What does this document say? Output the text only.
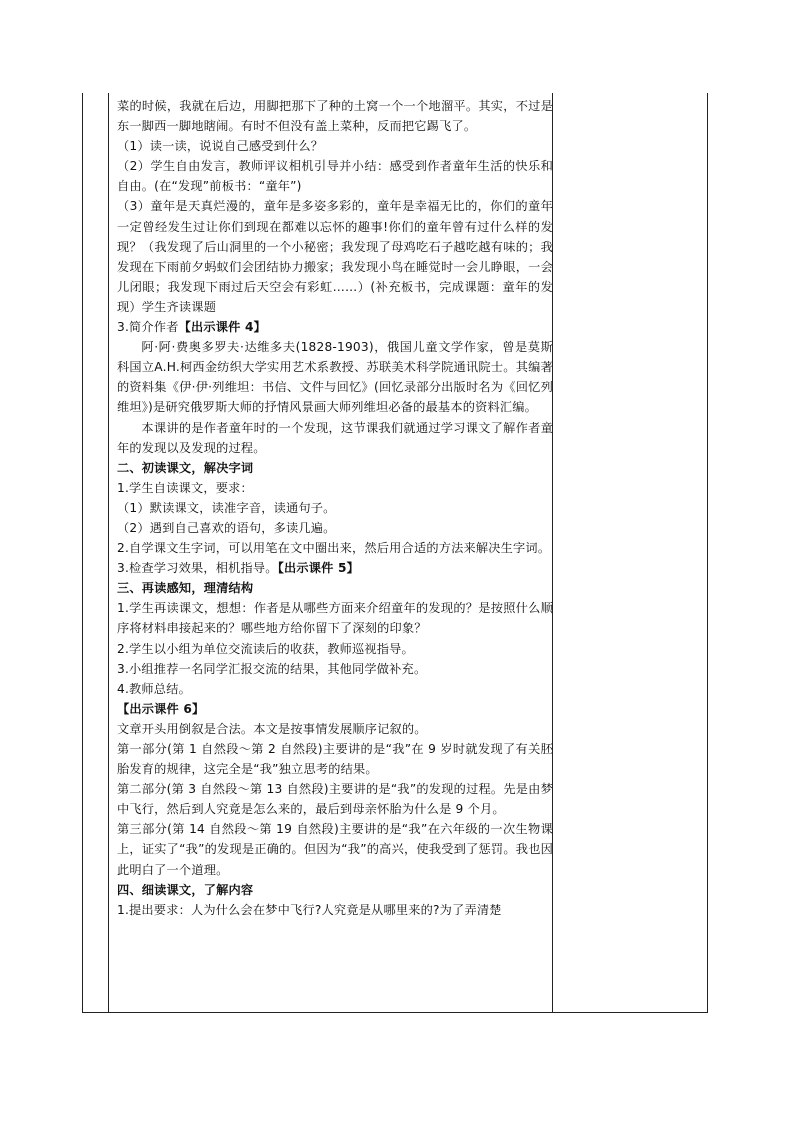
菜的时候，我就在后边，用脚把那下了种的土窝一个一个地溜平。其实，不过是东一脚西一脚地瞎闹。有时不但没有盖上菜种，反而把它踢飞了。

（1）读一读，说说自己感受到什么？

（2）学生自由发言，教师评议相机引导并小结：感受到作者童年生活的快乐和自由。(在“发现”前板书：“童年”)

（3）童年是天真烂漫的，童年是多姿多彩的，童年是幸福无比的，你们的童年一定曾经发生过让你们到现在都难以忘怀的趣事!你们的童年曾有过什么样的发现？（我发现了后山洞里的一个小秘密；我发现了母鸡吃石子越吃越有味的；我发现在下雨前夕蚂蚁们会团结协力搬家；我发现小鸟在睡觉时一会儿睁眼，一会儿闭眼；我发现下雨过后天空会有彩虹……）(补充板书，完成课题：童年的发现）学生齐读课题

3.简介作者【出示课件 4】

阿·阿·费奥多罗夫·达维多夫(1828-1903)，俄国儿童文学作家，曾是莫斯科国立A.H.柯西金纺织大学实用艺术系教授、苏联美术科学院通讯院士。其编著的资料集《伊·伊·列维坦：书信、文件与回忆》(回忆录部分出版时名为《回忆列维坦》)是研究俄罗斯大师的抒情风景画大师列维坦必备的最基本的资料汇编。

本课讲的是作者童年时的一个发现，这节课我们就通过学习课文了解作者童年的发现以及发现的过程。

二、初读课文，解决字词

1.学生自读课文，要求：

（1）默读课文，读准字音，读通句子。

（2）遇到自己喜欢的语句，多读几遍。

2.自学课文生字词，可以用笔在文中圈出来，然后用合适的方法来解决生字词。

3.检查学习效果，相机指导。【出示课件 5】

三、再读感知，理清结构

1.学生再读课文，想想：作者是从哪些方面来介绍童年的发现的？是按照什么顺序将材料串接起来的？哪些地方给你留下了深刻的印象？

2.学生以小组为单位交流读后的收获，教师巡视指导。

3.小组推荐一名同学汇报交流的结果，其他同学做补充。

4.教师总结。

【出示课件 6】

文章开头用倒叙是合法。本文是按事情发展顺序记叙的。

第一部分(第 1 自然段～第 2 自然段)主要讲的是“我”在 9 岁时就发现了有关胚胎发育的规律，这完全是“我”独立思考的结果。

第二部分(第 3 自然段～第 13 自然段)主要讲的是“我”的发现的过程。先是由梦中飞行，然后到人究竟是怎么来的，最后到母亲怀胎为什么是 9 个月。

第三部分(第 14 自然段～第 19 自然段)主要讲的是“我”在六年级的一次生物课上，证实了“我”的发现是正确的。但因为“我”的高兴，使我受到了惩罚。我也因此明白了一个道理。

四、细读课文，了解内容

1.提出要求：人为什么会在梦中飞行?人究竟是从哪里来的?为了弄清楚
